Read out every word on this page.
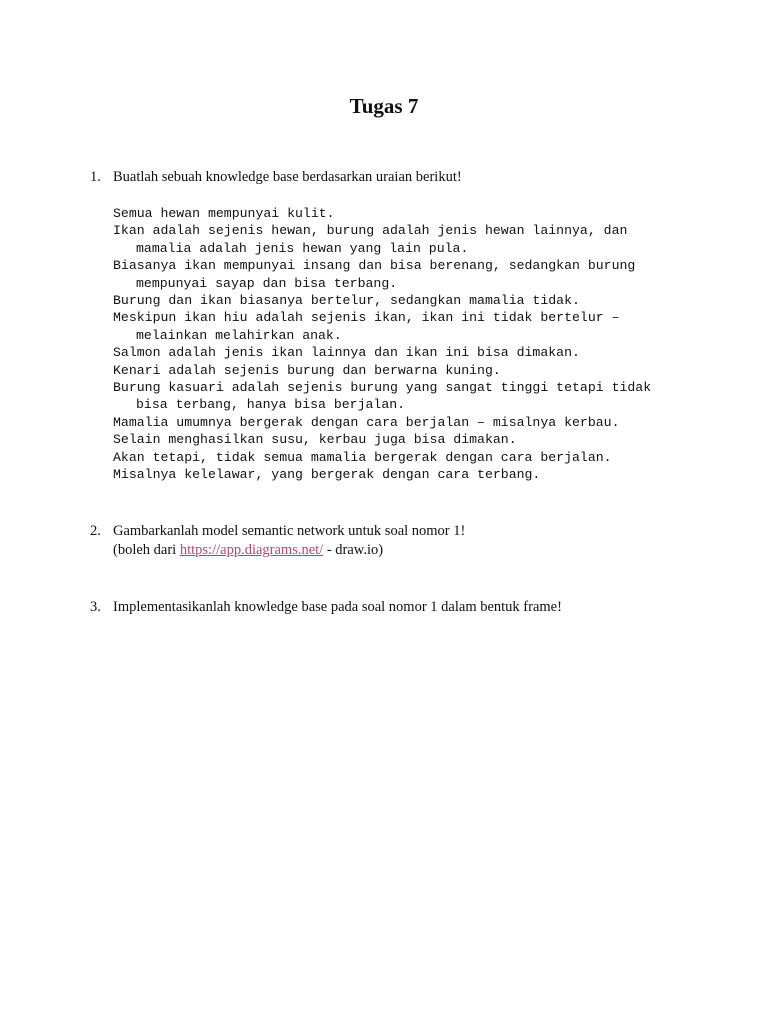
Tugas 7
1. Buatlah sebuah knowledge base berdasarkan uraian berikut!
Semua hewan mempunyai kulit.
Ikan adalah sejenis hewan, burung adalah jenis hewan lainnya, dan
mamalia adalah jenis hewan yang lain pula.
Biasanya ikan mempunyai insang dan bisa berenang, sedangkan burung
mempunyai sayap dan bisa terbang.
Burung dan ikan biasanya bertelur, sedangkan mamalia tidak.
Meskipun ikan hiu adalah sejenis ikan, ikan ini tidak bertelur –
melainkan melahirkan anak.
Salmon adalah jenis ikan lainnya dan ikan ini bisa dimakan.
Kenari adalah sejenis burung dan berwarna kuning.
Burung kasuari adalah sejenis burung yang sangat tinggi tetapi tidak
bisa terbang, hanya bisa berjalan.
Mamalia umumnya bergerak dengan cara berjalan – misalnya kerbau.
Selain menghasilkan susu, kerbau juga bisa dimakan.
Akan tetapi, tidak semua mamalia bergerak dengan cara berjalan.
Misalnya kelelawar, yang bergerak dengan cara terbang.
2. Gambarkanlah model semantic network untuk soal nomor 1!
(boleh dari https://app.diagrams.net/ - draw.io)
3. Implementasikanlah knowledge base pada soal nomor 1 dalam bentuk frame!
